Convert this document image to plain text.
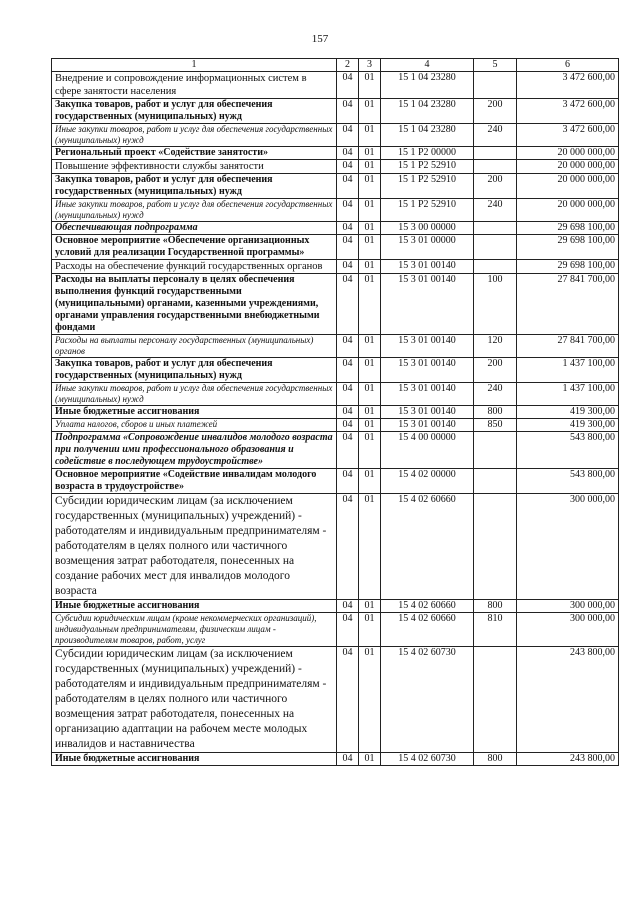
157
1	2	3	4	5	6
Внедрение и сопровождение информационных систем в сфере занятости населения	04	01	15 1 04 23280		3 472 600,00
Закупка товаров, работ и услуг для обеспечения государственных (муниципальных) нужд	04	01	15 1 04 23280	200	3 472 600,00
Иные закупки товаров, работ и услуг для обеспечения государственных (муниципальных) нужд	04	01	15 1 04 23280	240	3 472 600,00
Региональный проект «Содействие занятости»	04	01	15 1 Р2 00000		20 000 000,00
Повышение эффективности службы занятости	04	01	15 1 Р2 52910		20 000 000,00
Закупка товаров, работ и услуг для обеспечения государственных (муниципальных) нужд	04	01	15 1 Р2 52910	200	20 000 000,00
Иные закупки товаров, работ и услуг для обеспечения государственных (муниципальных) нужд	04	01	15 1 Р2 52910	240	20 000 000,00
Обеспечивающая подпрограмма	04	01	15 3 00 00000		29 698 100,00
Основное мероприятие «Обеспечение организационных условий для реализации Государственной программы»	04	01	15 3 01 00000		29 698 100,00
Расходы на обеспечение функций государственных органов	04	01	15 3 01 00140		29 698 100,00
Расходы на выплаты персоналу в целях обеспечения выполнения функций государственными (муниципальными) органами, казенными учреждениями, органами управления государственными внебюджетными фондами	04	01	15 3 01 00140	100	27 841 700,00
Расходы на выплаты персоналу государственных (муниципальных) органов	04	01	15 3 01 00140	120	27 841 700,00
Закупка товаров, работ и услуг для обеспечения государственных (муниципальных) нужд	04	01	15 3 01 00140	200	1 437 100,00
Иные закупки товаров, работ и услуг для обеспечения государственных (муниципальных) нужд	04	01	15 3 01 00140	240	1 437 100,00
Иные бюджетные ассигнования	04	01	15 3 01 00140	800	419 300,00
Уплата налогов, сборов и иных платежей	04	01	15 3 01 00140	850	419 300,00
Подпрограмма «Сопровождение инвалидов молодого возраста при получении ими профессионального образования и содействие в последующем трудоустройстве»	04	01	15 4 00 00000		543 800,00
Основное мероприятие «Содействие инвалидам молодого возраста в трудоустройстве»	04	01	15 4 02 00000		543 800,00
Субсидии юридическим лицам (за исключением государственных (муниципальных) учреждений) - работодателям и индивидуальным предпринимателям - работодателям в целях полного или частичного возмещения затрат работодателя, понесенных на создание рабочих мест для инвалидов молодого возраста	04	01	15 4 02 60660		300 000,00
Иные бюджетные ассигнования	04	01	15 4 02 60660	800	300 000,00
Субсидии юридическим лицам (кроме некоммерческих организаций), индивидуальным предпринимателям, физическим лицам - производителям товаров, работ, услуг	04	01	15 4 02 60660	810	300 000,00
Субсидии юридическим лицам (за исключением государственных (муниципальных) учреждений) - работодателям и индивидуальным предпринимателям - работодателям в целях полного или частичного возмещения затрат работодателя, понесенных на организацию адаптации на рабочем месте молодых инвалидов и наставничества	04	01	15 4 02 60730		243 800,00
Иные бюджетные ассигнования	04	01	15 4 02 60730	800	243 800,00
